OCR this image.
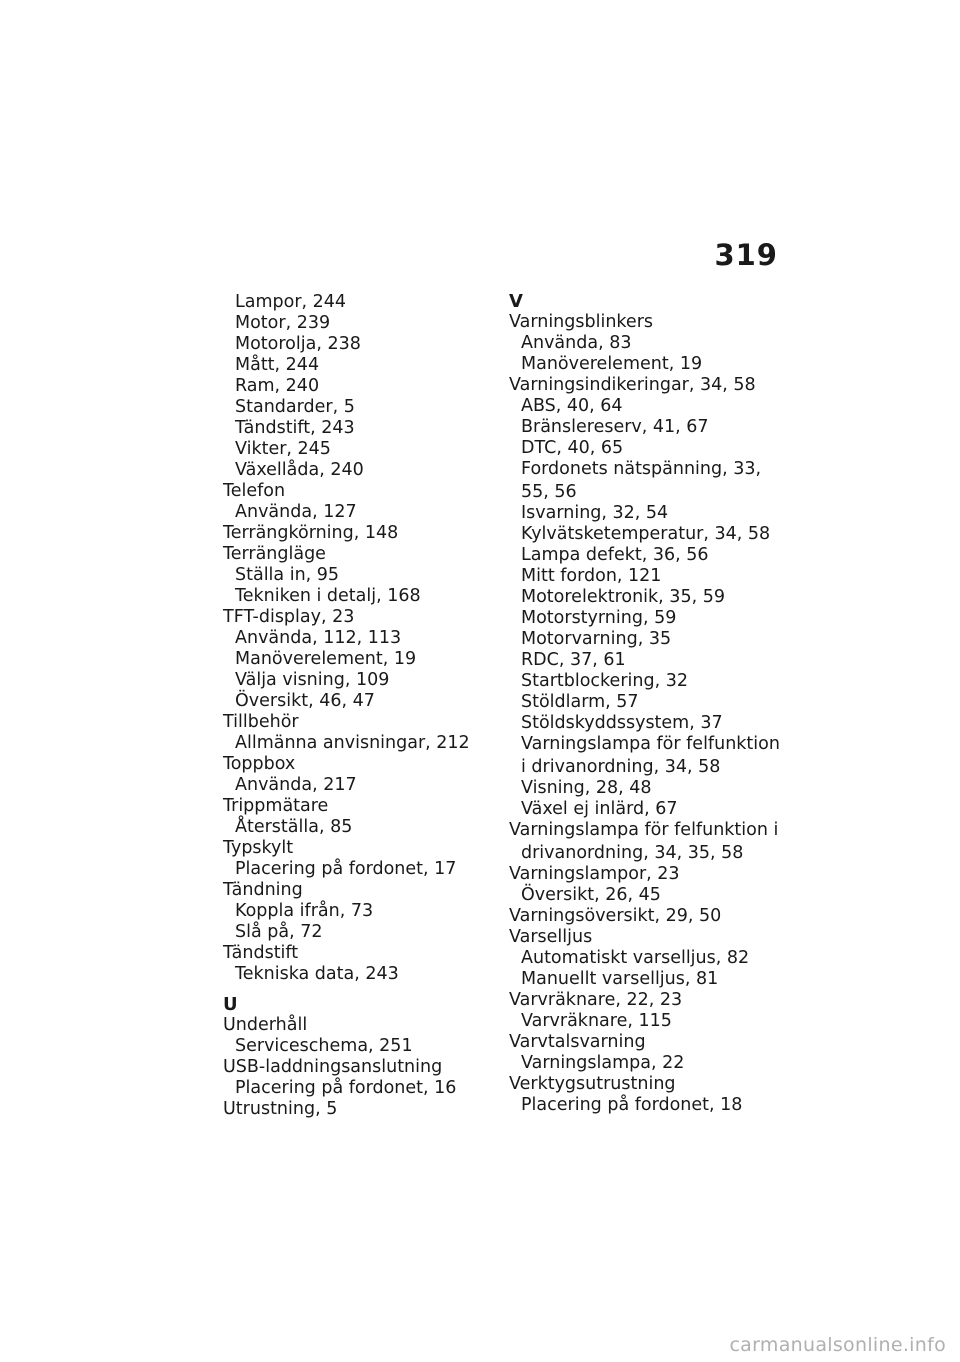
319
Lampor, 244
Motor, 239
Motorolja, 238
Mått, 244
Ram, 240
Standarder, 5
Tändstift, 243
Vikter, 245
Växellåda, 240
Telefon
Använda, 127
Terrängkörning, 148
Terrängläge
Ställa in, 95
Tekniken i detalj, 168
TFT-display, 23
Använda, 112, 113
Manöverelement, 19
Välja visning, 109
Översikt, 46, 47
Tillbehör
Allmänna anvisningar, 212
Toppbox
Använda, 217
Trippmätare
Återställa, 85
Typskylt
Placering på fordonet, 17
Tändning
Koppla ifrån, 73
Slå på, 72
Tändstift
Tekniska data, 243
U
Underhåll
Serviceschema, 251
USB-laddningsanslutning
Placering på fordonet, 16
Utrustning, 5
V
Varningsblinkers
Använda, 83
Manöverelement, 19
Varningsindikeringar, 34, 58
ABS, 40, 64
Bränslereserv, 41, 67
DTC, 40, 65
Fordonets nätspänning, 33,
55, 56
Isvarning, 32, 54
Kylvätsketemperatur, 34, 58
Lampa defekt, 36, 56
Mitt fordon, 121
Motorelektronik, 35, 59
Motorstyrning, 59
Motorvarning, 35
RDC, 37, 61
Startblockering, 32
Stöldlarm, 57
Stöldskyddssystem, 37
Varningslampa för felfunktion
i drivanordning, 34, 58
Visning, 28, 48
Växel ej inlärd, 67
Varningslampa för felfunktion i
drivanordning, 34, 35, 58
Varningslampor, 23
Översikt, 26, 45
Varningsöversikt, 29, 50
Varselljus
Automatiskt varselljus, 82
Manuellt varselljus, 81
Varvräknare, 22, 23
Varvräknare, 115
Varvtalsvarning
Varningslampa, 22
Verktygsutrustning
Placering på fordonet, 18
carmanualsonline.info
